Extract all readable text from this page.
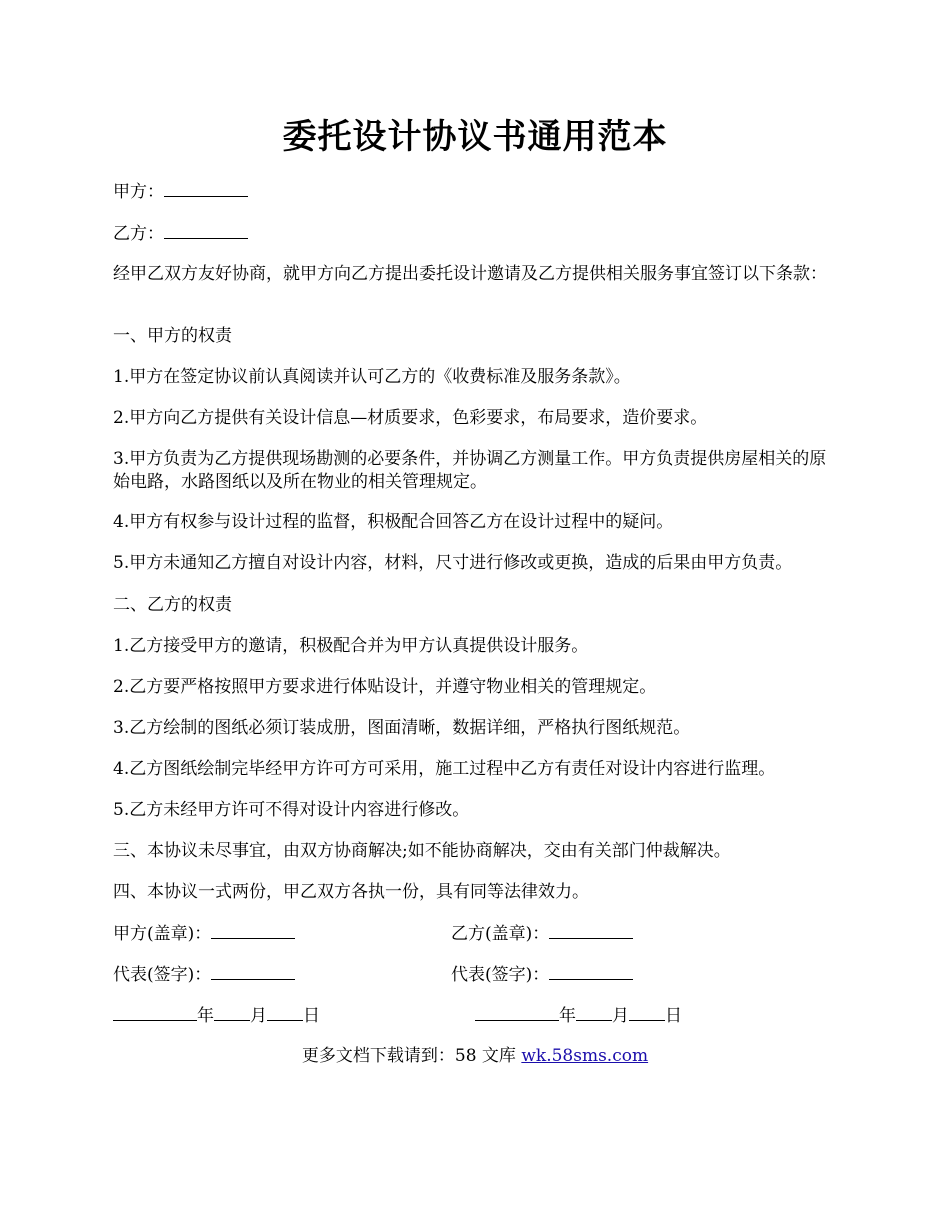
委托设计协议书通用范本
甲方：
乙方：
经甲乙双方友好协商，就甲方向乙方提出委托设计邀请及乙方提供相关服务事宜签订以下条款：
一、甲方的权责
1.甲方在签定协议前认真阅读并认可乙方的《收费标准及服务条款》。
2.甲方向乙方提供有关设计信息—材质要求，色彩要求，布局要求，造价要求。
3.甲方负责为乙方提供现场勘测的必要条件，并协调乙方测量工作。甲方负责提供房屋相关的原始电路，水路图纸以及所在物业的相关管理规定。
4.甲方有权参与设计过程的监督，积极配合回答乙方在设计过程中的疑问。
5.甲方未通知乙方擅自对设计内容，材料，尺寸进行修改或更换，造成的后果由甲方负责。
二、乙方的权责
1.乙方接受甲方的邀请，积极配合并为甲方认真提供设计服务。
2.乙方要严格按照甲方要求进行体贴设计，并遵守物业相关的管理规定。
3.乙方绘制的图纸必须订装成册，图面清晰，数据详细，严格执行图纸规范。
4.乙方图纸绘制完毕经甲方许可方可采用，施工过程中乙方有责任对设计内容进行监理。
5.乙方未经甲方许可不得对设计内容进行修改。
三、本协议未尽事宜，由双方协商解决;如不能协商解决，交由有关部门仲裁解决。
四、本协议一式两份，甲乙双方各执一份，具有同等法律效力。
甲方(盖章)：	乙方(盖章)：
代表(签字)：	代表(签字)：
年 月 日	年 月 日
更多文档下载请到：58 文库 wk.58sms.com
